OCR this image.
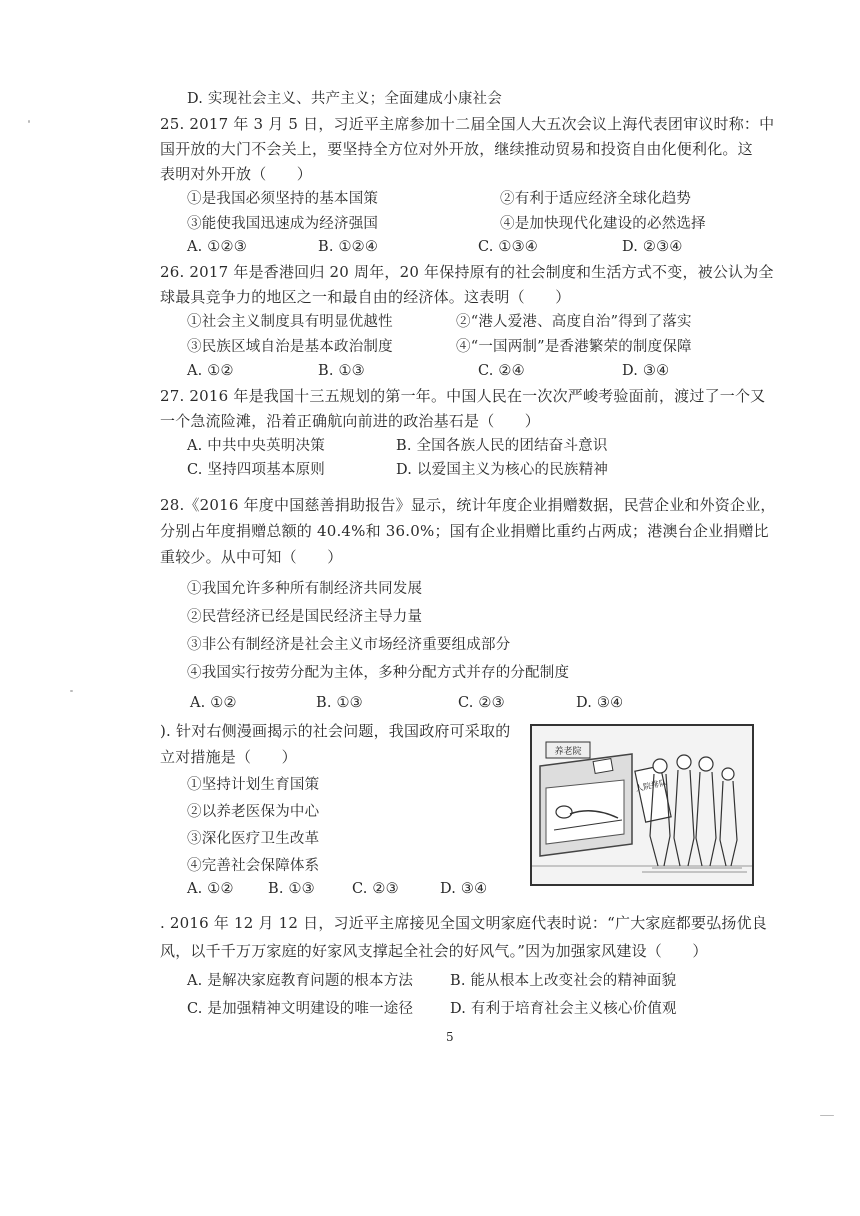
D. 实现社会主义、共产主义；全面建成小康社会
25. 2017 年 3 月 5 日，习近平主席参加十二届全国人大五次会议上海代表团审议时称：中
国开放的大门不会关上，要坚持全方位对外开放，继续推动贸易和投资自由化便利化。这
表明对外开放（　　）
①是我国必须坚持的基本国策	②有利于适应经济全球化趋势
③能使我国迅速成为经济强国	④是加快现代化建设的必然选择
A. ①②③	B. ①②④	C. ①③④	D. ②③④
26. 2017 年是香港回归 20 周年，20 年保持原有的社会制度和生活方式不变，被公认为全
球最具竞争力的地区之一和最自由的经济体。这表明（　　）
①社会主义制度具有明显优越性	②“港人爱港、高度自治”得到了落实
③民族区域自治是基本政治制度	④“一国两制”是香港繁荣的制度保障
A. ①②	B. ①③	C. ②④	D. ③④
27. 2016 年是我国十三五规划的第一年。中国人民在一次次严峻考验面前，渡过了一个又
一个急流险滩，沿着正确航向前进的政治基石是（　　）
A. 中共中央英明决策	B. 全国各族人民的团结奋斗意识
C. 坚持四项基本原则	D. 以爱国主义为核心的民族精神
28.《2016 年度中国慈善捐助报告》显示，统计年度企业捐赠数据，民营企业和外资企业，
分别占年度捐赠总额的 40.4%和 36.0%；国有企业捐赠比重约占两成；港澳台企业捐赠比
重较少。从中可知（　　）
①我国允许多种所有制经济共同发展
②民营经济已经是国民经济主导力量
③非公有制经济是社会主义市场经济重要组成部分
④我国实行按劳分配为主体，多种分配方式并存的分配制度
A. ①②	B. ①③	C. ②③	D. ③④
). 针对右侧漫画揭示的社会问题，我国政府可采取的
立对措施是（　　）
①坚持计划生育国策
②以养老医保为中心
③深化医疗卫生改革
④完善社会保障体系
A. ①② B. ①③	C. ②③	D. ③④
养老院
人院排队
. 2016 年 12 月 12 日，习近平主席接见全国文明家庭代表时说：“广大家庭都要弘扬优良
风，以千千万万家庭的好家风支撑起全社会的好风气。”因为加强家风建设（　　）
A. 是解决家庭教育问题的根本方法	B. 能从根本上改变社会的精神面貌
C. 是加强精神文明建设的唯一途径	D. 有利于培育社会主义核心价值观
5
